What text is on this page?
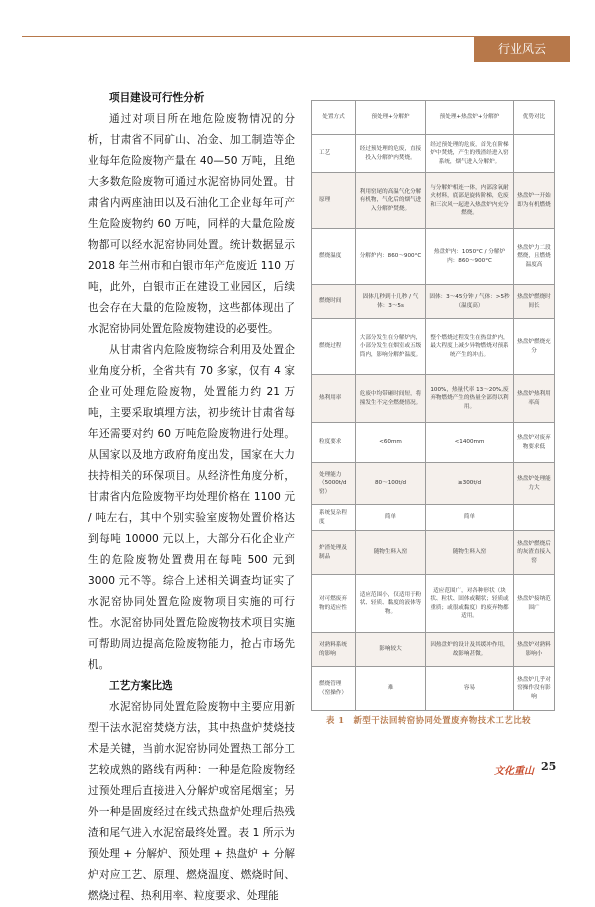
行业风云
项目建设可行性分析

通过对项目所在地危险废物情况的分析，甘肃省不同矿山、冶金、加工制造等企业每年危险废物产量在 40—50 万吨，且绝大多数危险废物可通过水泥窑协同处置。甘肃省内两座油田以及石油化工企业每年可产生危险废物约 60 万吨，同样的大量危险废物都可以经水泥窑协同处置。统计数据显示 2018 年兰州市和白银市年产危废近 110 万吨，此外，白银市正在建设工业园区，后续也会存在大量的危险废物，这些都体现出了水泥窑协同处置危险废物建设的必要性。

从甘肃省内危险废物综合利用及处置企业角度分析，全省共有 70 多家，仅有 4 家企业可处理危险废物，处置能力约 21 万吨，主要采取填埋方法，初步统计甘肃省每年还需要对约 60 万吨危险废物进行处理。从国家以及地方政府角度出发，国家在大力扶持相关的环保项目。从经济性角度分析，甘肃省内危险废物平均处理价格在 1100 元 / 吨左右，其中个别实验室废物处置价格达到每吨 10000 元以上，大部分石化企业产生的危险废物处置费用在每吨 500 元到 3000 元不等。综合上述相关调查均证实了水泥窑协同处置危险废物项目实施的可行性。水泥窑协同处置危险废物技术项目实施可帮助周边提高危险废物能力，抢占市场先机。

工艺方案比选

水泥窑协同处置危险废物中主要应用新型干法水泥窑焚烧方法，其中热盘炉焚烧技术是关键，当前水泥窑协同处置热工部分工艺较成熟的路线有两种：一种是危险废物经过预处理后直接进入分解炉或窑尾烟室；另外一种是固废经过在线式热盘炉处理后热残渣和尾气进入水泥窑最终处置。表 1 所示为预处理 + 分解炉、预处理 + 热盘炉 + 分解炉对应工艺、原理、燃烧温度、燃烧时间、燃烧过程、热利用率、粒度要求、处理能

处置方式	预处理+分解炉	预处理+热盘炉+分解炉	优势对比
工艺	经过预处理的危废，直接投入分解炉内焚烧。	经过预处理的危废，首先在阶梯炉中焚烧，产生的残渣经进入窑系统，烟气进入分解炉。	
原理	利用窑尾的高温气化分解有机物，气化后的烟气进入分解炉焚烧。	与分解炉相连一体，内部涂氧耐火材料，底部是旋转阶梯，危废和三次风一起进入热盘炉内充分燃烧。	热盘炉一开始即为有机燃烧
燃烧温度	分解炉内：860～900°C	热盘炉内：1050°C / 分解炉内：860～900°C	热盘炉力二段燃烧，且燃烧温度高
燃烧时间	固体几秒到十几秒 / 气体：3～5s	固体：3～45分钟 / 气体：>5秒（温度高）	热盘炉燃烧时间长
燃烧过程	大部分发生在分解炉内，小部分发生在烟室或五级筒内，影响分解炉温度。	整个燃烧过程发生在热盘炉内，最大程度上减少异物燃烧对预系统产生的冲击。	热盘炉燃烧充分
热利用率	危废中均带砸时间短，将撞发生不完全燃烧情况。	100%，热量代率 13～20%,废弃物燃烧产生的热量全部得以利用。	热盘炉热利用率高
粒度要求	<60mm	<1400mm	热盘炉对废弃物要求低
处理能力（5000t/d 窑）	80～100t/d	≥300t/d	热盘炉处理能力大
系统复杂程度	简单	简单	
炉渣处理及制品	随物生料入窑	随物生料入窑	热盘炉燃烧后的灰渣直接入窑
对可燃废弃物的适应性	适应范围小，仅适用于粉状、轻质、黏度的液体等物。	适应范围广，对各种形状（块状、粒状、固体或糊状；轻质或重质；或很或黏度）的废弃物都适用。	热盘炉接纳范围广
对熟料系统的影响	影响较大	因热盘炉的设计及其缓冲作用，故影响甚微。	热盘炉对熟料影响小
燃烧管理（窑操作）	难	容易	热盘炉几乎对窑操作没有影响
表 1　新型干法回转窑协同处置废弃物技术工艺比较
文化重山 25
